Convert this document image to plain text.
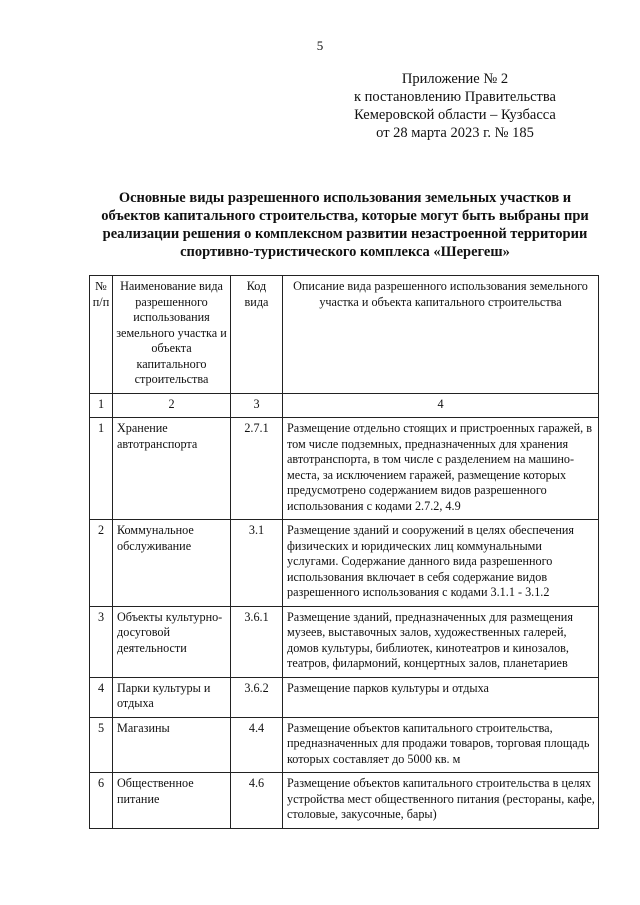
5
Приложение № 2
к постановлению Правительства
Кемеровской области – Кузбасса
от 28 марта 2023 г. № 185
Основные виды разрешенного использования земельных участков и объектов капитального строительства, которые могут быть выбраны при реализации решения о комплексном развитии незастроенной территории спортивно-туристического комплекса «Шерегеш»
№ п/п	Наименование вида разрешенного использования земельного участка и объекта капитального строительства	Код вида	Описание вида разрешенного использования земельного участка и объекта капитального строительства
1	2	3	4
1	Хранение автотранспорта	2.7.1	Размещение отдельно стоящих и пристроенных гаражей, в том числе подземных, предназначенных для хранения автотранспорта, в том числе с разделением на машино-места, за исключением гаражей, размещение которых предусмотрено содержанием видов разрешенного использования с кодами 2.7.2, 4.9
2	Коммунальное обслуживание	3.1	Размещение зданий и сооружений в целях обеспечения физических и юридических лиц коммунальными услугами. Содержание данного вида разрешенного использования включает в себя содержание видов разрешенного использования с кодами 3.1.1 - 3.1.2
3	Объекты культурно-досуговой деятельности	3.6.1	Размещение зданий, предназначенных для размещения музеев, выставочных залов, художественных галерей, домов культуры, библиотек, кинотеатров и кинозалов, театров, филармоний, концертных залов, планетариев
4	Парки культуры и отдыха	3.6.2	Размещение парков культуры и отдыха
5	Магазины	4.4	Размещение объектов капитального строительства, предназначенных для продажи товаров, торговая площадь которых составляет до 5000 кв. м
6	Общественное питание	4.6	Размещение объектов капитального строительства в целях устройства мест общественного питания (рестораны, кафе, столовые, закусочные, бары)
